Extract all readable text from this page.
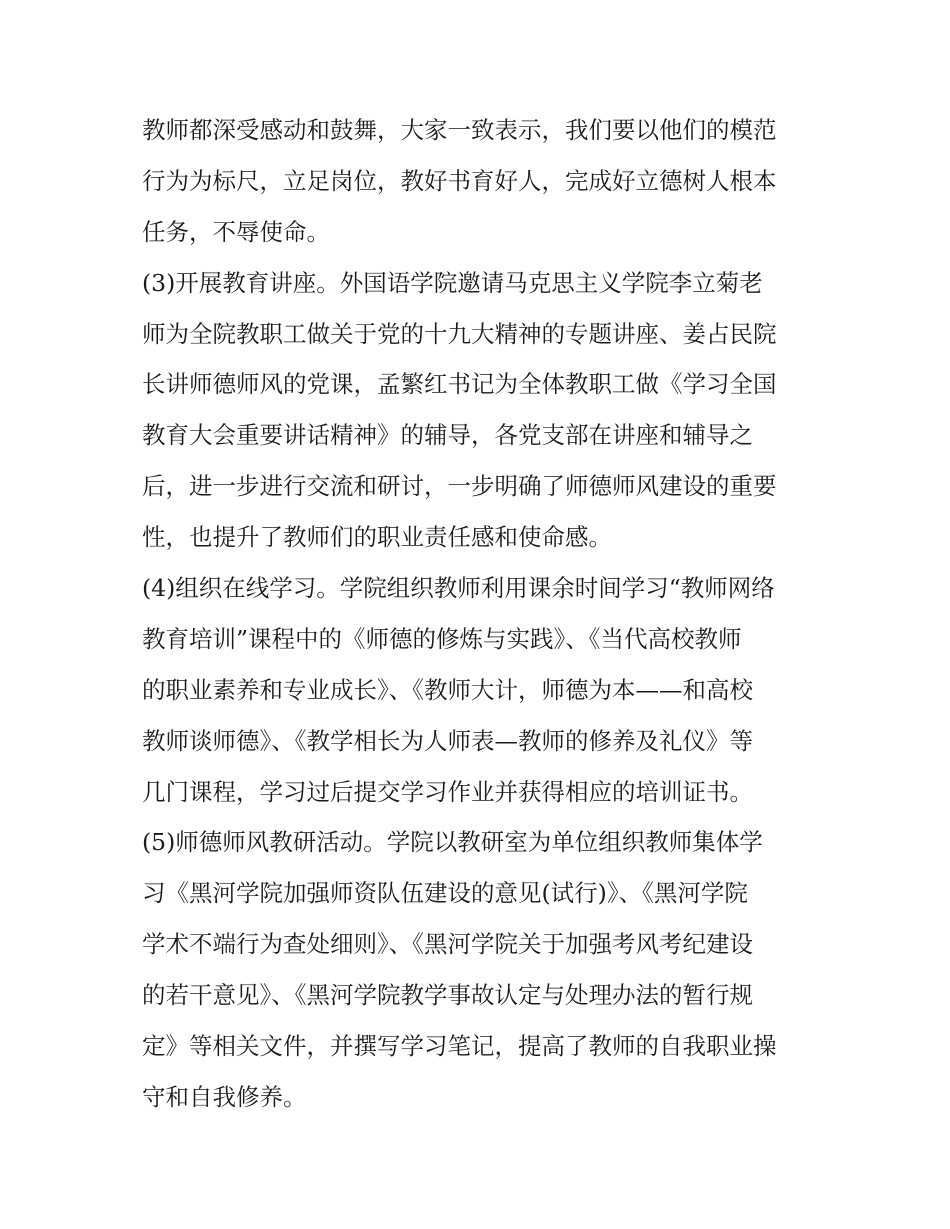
教师都深受感动和鼓舞，大家一致表示，我们要以他们的模范
行为为标尺，立足岗位，教好书育好人，完成好立德树人根本
任务，不辱使命。
(3)开展教育讲座。外国语学院邀请马克思主义学院李立菊老
师为全院教职工做关于党的十九大精神的专题讲座、姜占民院
长讲师德师风的党课，孟繁红书记为全体教职工做《学习全国
教育大会重要讲话精神》的辅导，各党支部在讲座和辅导之
后，进一步进行交流和研讨，一步明确了师德师风建设的重要
性，也提升了教师们的职业责任感和使命感。
(4)组织在线学习。学院组织教师利用课余时间学习“教师网络
教育培训”课程中的《师德的修炼与实践》、《当代高校教师
的职业素养和专业成长》、《教师大计，师德为本——和高校
教师谈师德》、《教学相长为人师表—教师的修养及礼仪》等
几门课程，学习过后提交学习作业并获得相应的培训证书。
(5)师德师风教研活动。学院以教研室为单位组织教师集体学
习《黑河学院加强师资队伍建设的意见(试行)》、《黑河学院
学术不端行为查处细则》、《黑河学院关于加强考风考纪建设
的若干意见》、《黑河学院教学事故认定与处理办法的暂行规
定》等相关文件，并撰写学习笔记，提高了教师的自我职业操
守和自我修养。
